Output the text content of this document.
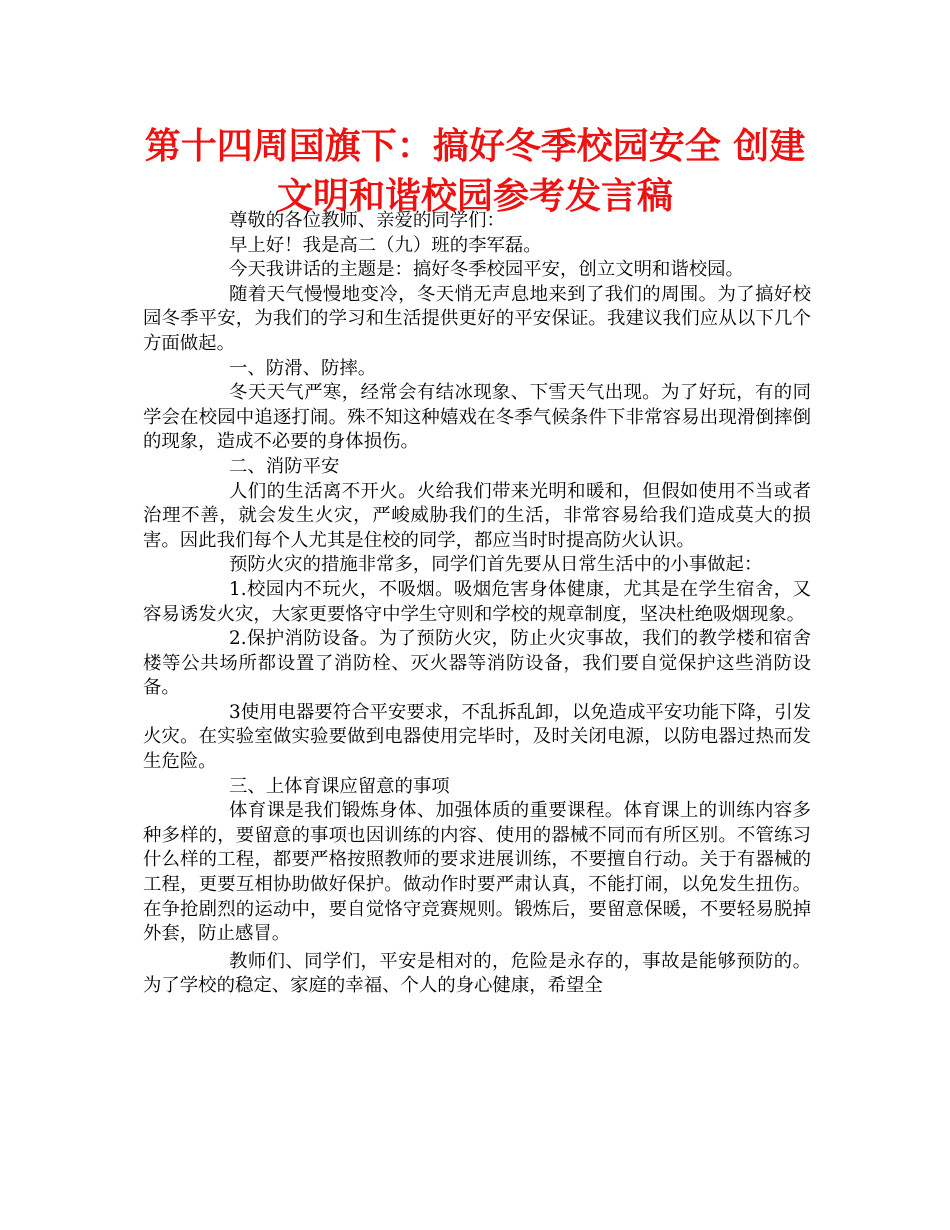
第十四周国旗下：搞好冬季校园安全 创建
文明和谐校园参考发言稿

尊敬的各位教师、亲爱的同学们：

早上好！我是高二（九）班的李军磊。

今天我讲话的主题是：搞好冬季校园平安，创立文明和谐校园。

随着天气慢慢地变冷，冬天悄无声息地来到了我们的周围。为了搞好校园冬季平安，为我们的学习和生活提供更好的平安保证。我建议我们应从以下几个方面做起。

一、防滑、防摔。

冬天天气严寒，经常会有结冰现象、下雪天气出现。为了好玩，有的同学会在校园中追逐打闹。殊不知这种嬉戏在冬季气候条件下非常容易出现滑倒摔倒的现象，造成不必要的身体损伤。

二、消防平安

人们的生活离不开火。火给我们带来光明和暖和，但假如使用不当或者治理不善，就会发生火灾，严峻威胁我们的生活，非常容易给我们造成莫大的损害。因此我们每个人尤其是住校的同学，都应当时时提高防火认识。

预防火灾的措施非常多，同学们首先要从日常生活中的小事做起：

1.校园内不玩火，不吸烟。吸烟危害身体健康，尤其是在学生宿舍，又容易诱发火灾，大家更要恪守中学生守则和学校的规章制度，坚决杜绝吸烟现象。

2.保护消防设备。为了预防火灾，防止火灾事故，我们的教学楼和宿舍楼等公共场所都设置了消防栓、灭火器等消防设备，我们要自觉保护这些消防设备。

3使用电器要符合平安要求，不乱拆乱卸，以免造成平安功能下降，引发火灾。在实验室做实验要做到电器使用完毕时，及时关闭电源，以防电器过热而发生危险。

三、上体育课应留意的事项

体育课是我们锻炼身体、加强体质的重要课程。体育课上的训练内容多种多样的，要留意的事项也因训练的内容、使用的器械不同而有所区别。不管练习什么样的工程，都要严格按照教师的要求进展训练，不要擅自行动。关于有器械的工程，更要互相协助做好保护。做动作时要严肃认真，不能打闹，以免发生扭伤。在争抢剧烈的运动中，要自觉恪守竞赛规则。锻炼后，要留意保暖，不要轻易脱掉外套，防止感冒。

教师们、同学们，平安是相对的，危险是永存的，事故是能够预防的。为了学校的稳定、家庭的幸福、个人的身心健康，希望全
